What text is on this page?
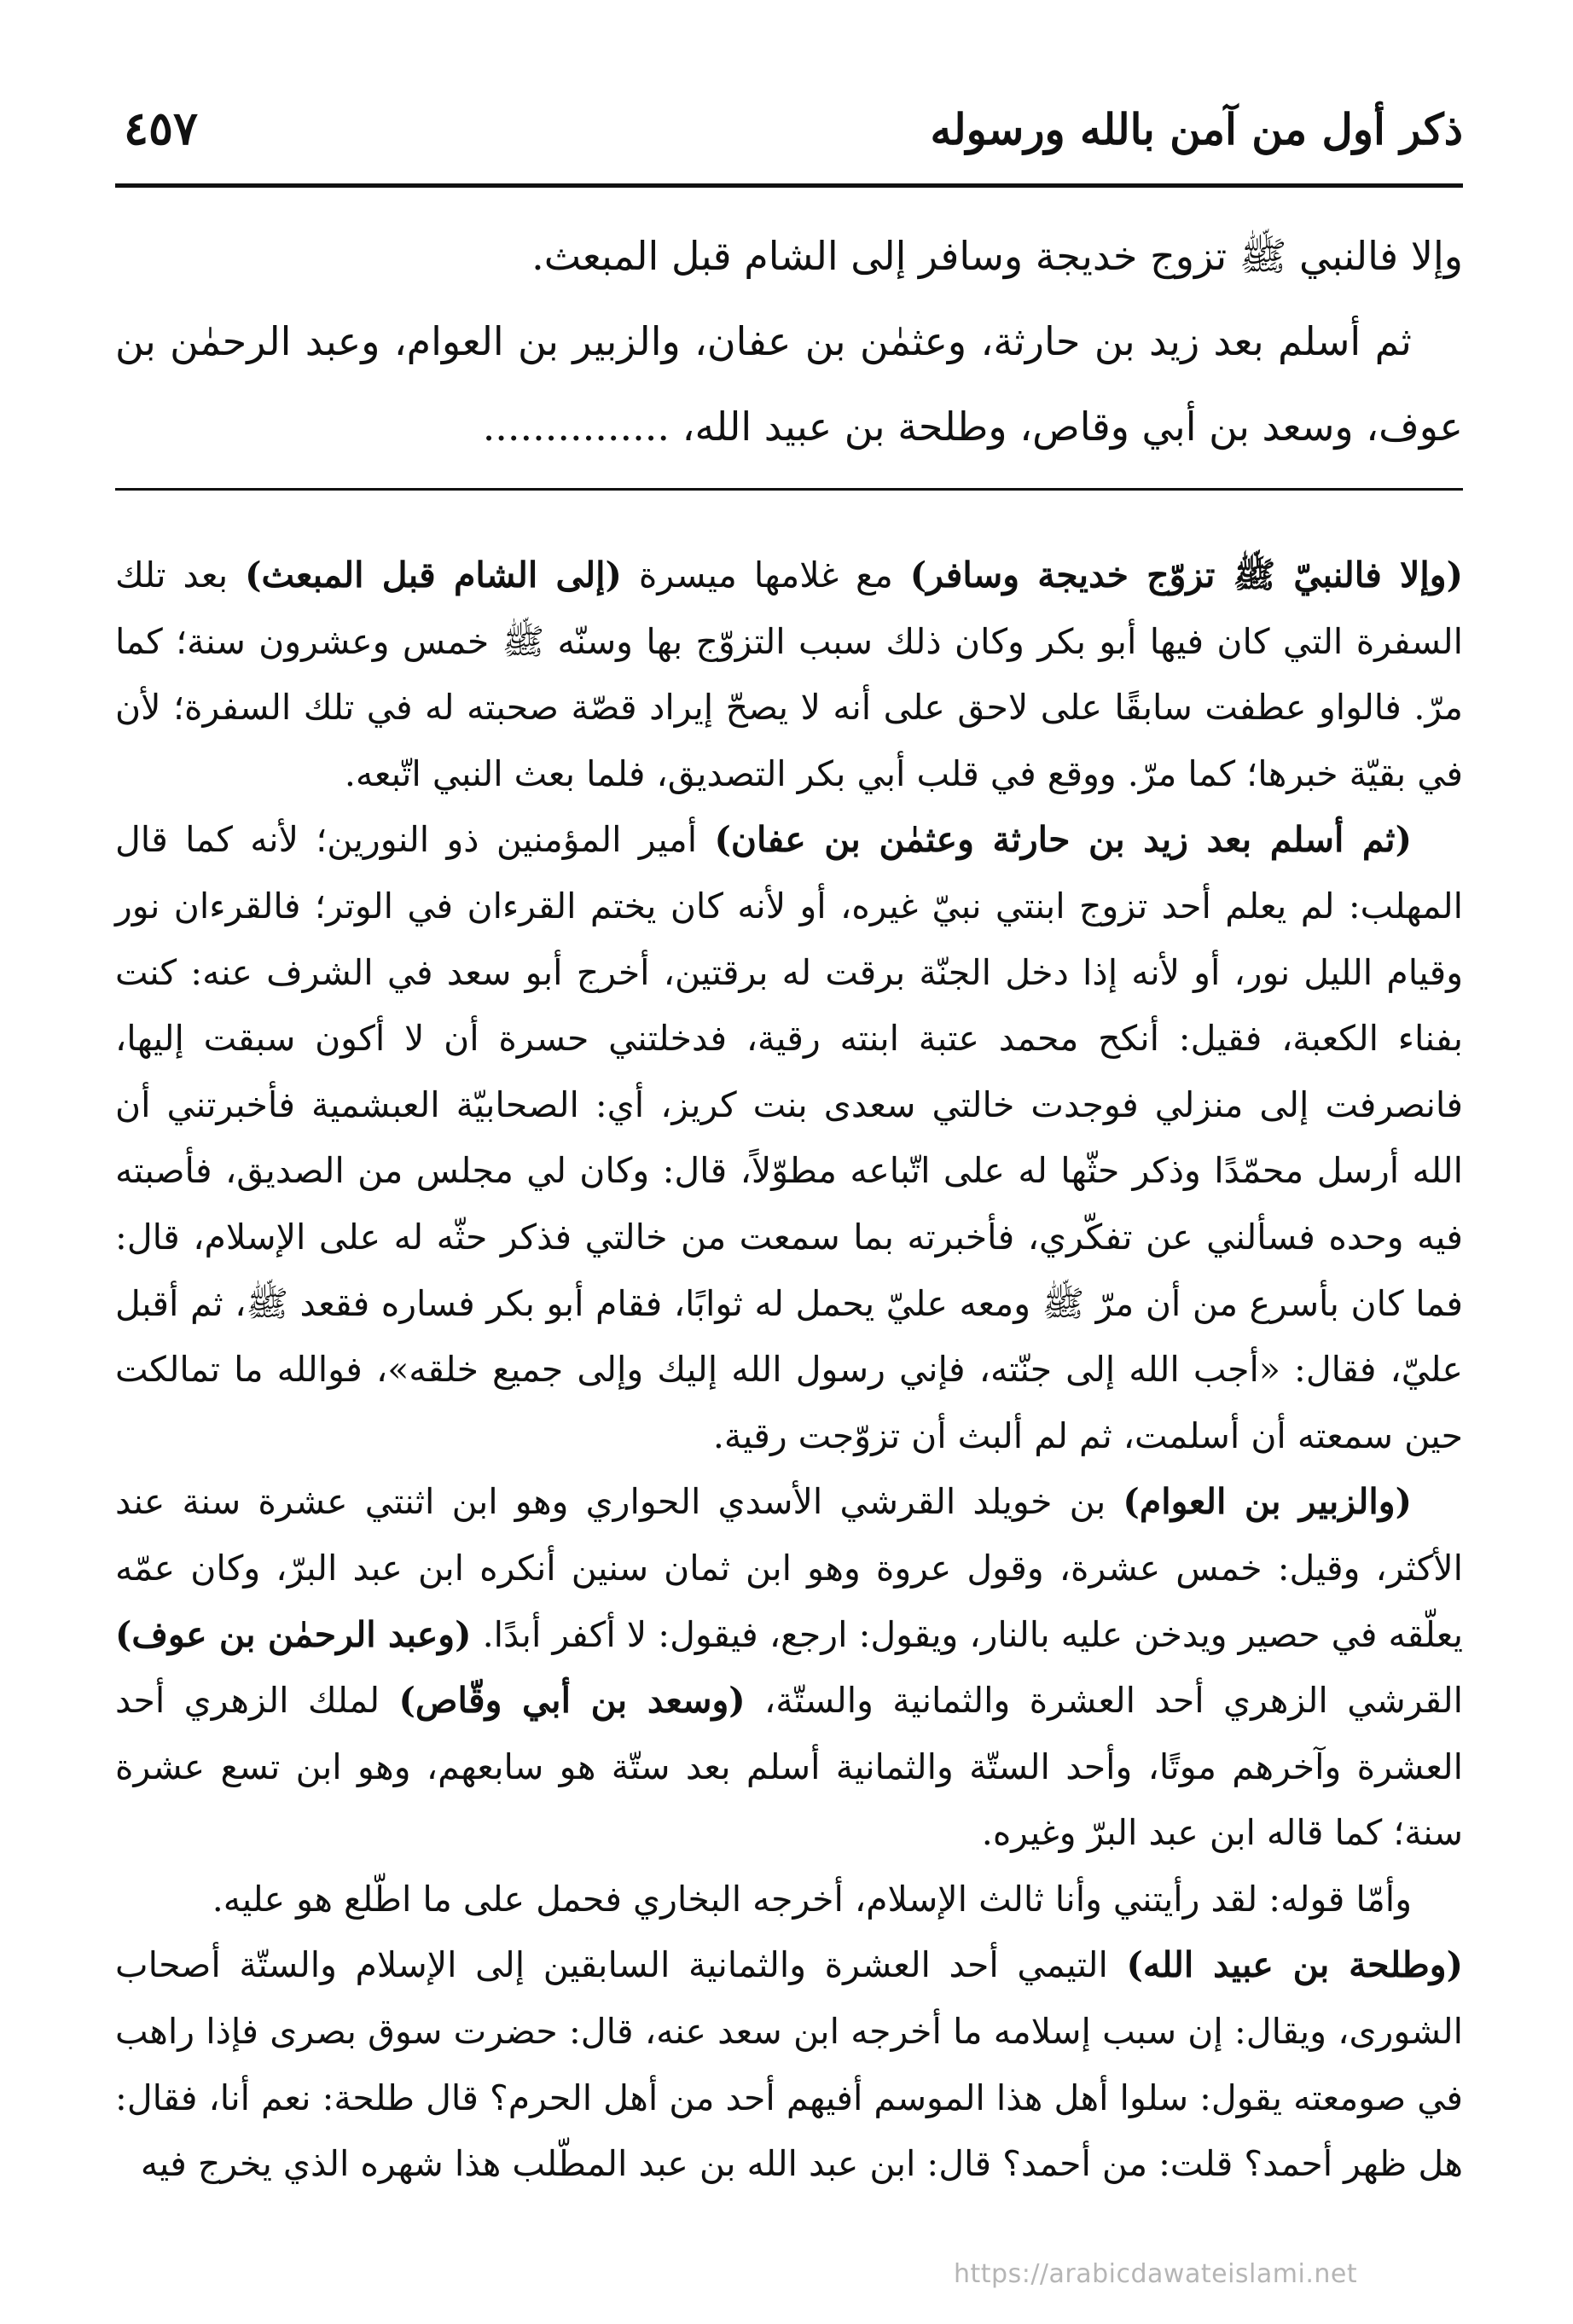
ذكر أول من آمن بالله ورسوله
٤٥٧

وإلا فالنبي ﷺ تزوج خديجة وسافر إلى الشام قبل المبعث.

ثم أسلم بعد زيد بن حارثة، وعثمٰن بن عفان، والزبير بن العوام، وعبد الرحمٰن بن عوف، وسعد بن أبي وقاص، وطلحة بن عبيد الله، ...............

(وإلا فالنبيّ ﷺ تزوّج خديجة وسافر) مع غلامها ميسرة (إلى الشام قبل المبعث) بعد تلك السفرة التي كان فيها أبو بكر وكان ذلك سبب التزوّج بها وسنّه ﷺ خمس وعشرون سنة؛ كما مرّ. فالواو عطفت سابقًا على لاحق على أنه لا يصحّ إيراد قصّة صحبته له في تلك السفرة؛ لأن في بقيّة خبرها؛ كما مرّ. ووقع في قلب أبي بكر التصديق، فلما بعث النبي اتّبعه.

(ثم أسلم بعد زيد بن حارثة وعثمٰن بن عفان) أمير المؤمنين ذو النورين؛ لأنه كما قال المهلب: لم يعلم أحد تزوج ابنتي نبيّ غيره، أو لأنه كان يختم القرءان في الوتر؛ فالقرءان نور وقيام الليل نور، أو لأنه إذا دخل الجنّة برقت له برقتين، أخرج أبو سعد في الشرف عنه: كنت بفناء الكعبة، فقيل: أنكح محمد عتبة ابنته رقية، فدخلتني حسرة أن لا أكون سبقت إليها، فانصرفت إلى منزلي فوجدت خالتي سعدى بنت كريز، أي: الصحابيّة العبشمية فأخبرتني أن الله أرسل محمّدًا وذكر حثّها له على اتّباعه مطوّلاً، قال: وكان لي مجلس من الصديق، فأصبته فيه وحده فسألني عن تفكّري، فأخبرته بما سمعت من خالتي فذكر حثّه له على الإسلام، قال: فما كان بأسرع من أن مرّ ﷺ ومعه عليّ يحمل له ثوابًا، فقام أبو بكر فساره فقعد ﷺ، ثم أقبل عليّ، فقال: «أجب الله إلى جنّته، فإني رسول الله إليك وإلى جميع خلقه»، فوالله ما تمالكت حين سمعته أن أسلمت، ثم لم ألبث أن تزوّجت رقية.

(والزبير بن العوام) بن خويلد القرشي الأسدي الحواري وهو ابن اثنتي عشرة سنة عند الأكثر، وقيل: خمس عشرة، وقول عروة وهو ابن ثمان سنين أنكره ابن عبد البرّ، وكان عمّه يعلّقه في حصير ويدخن عليه بالنار، ويقول: ارجع، فيقول: لا أكفر أبدًا. (وعبد الرحمٰن بن عوف) القرشي الزهري أحد العشرة والثمانية والستّة، (وسعد بن أبي وقّاص) لملك الزهري أحد العشرة وآخرهم موتًا، وأحد الستّة والثمانية أسلم بعد ستّة هو سابعهم، وهو ابن تسع عشرة سنة؛ كما قاله ابن عبد البرّ وغيره.

وأمّا قوله: لقد رأيتني وأنا ثالث الإسلام، أخرجه البخاري فحمل على ما اطّلع هو عليه.

(وطلحة بن عبيد الله) التيمي أحد العشرة والثمانية السابقين إلى الإسلام والستّة أصحاب الشورى، ويقال: إن سبب إسلامه ما أخرجه ابن سعد عنه، قال: حضرت سوق بصرى فإذا راهب في صومعته يقول: سلوا أهل هذا الموسم أفيهم أحد من أهل الحرم؟ قال طلحة: نعم أنا، فقال: هل ظهر أحمد؟ قلت: من أحمد؟ قال: ابن عبد الله بن عبد المطّلب هذا شهره الذي يخرج فيه

https://arabicdawateislami.net
